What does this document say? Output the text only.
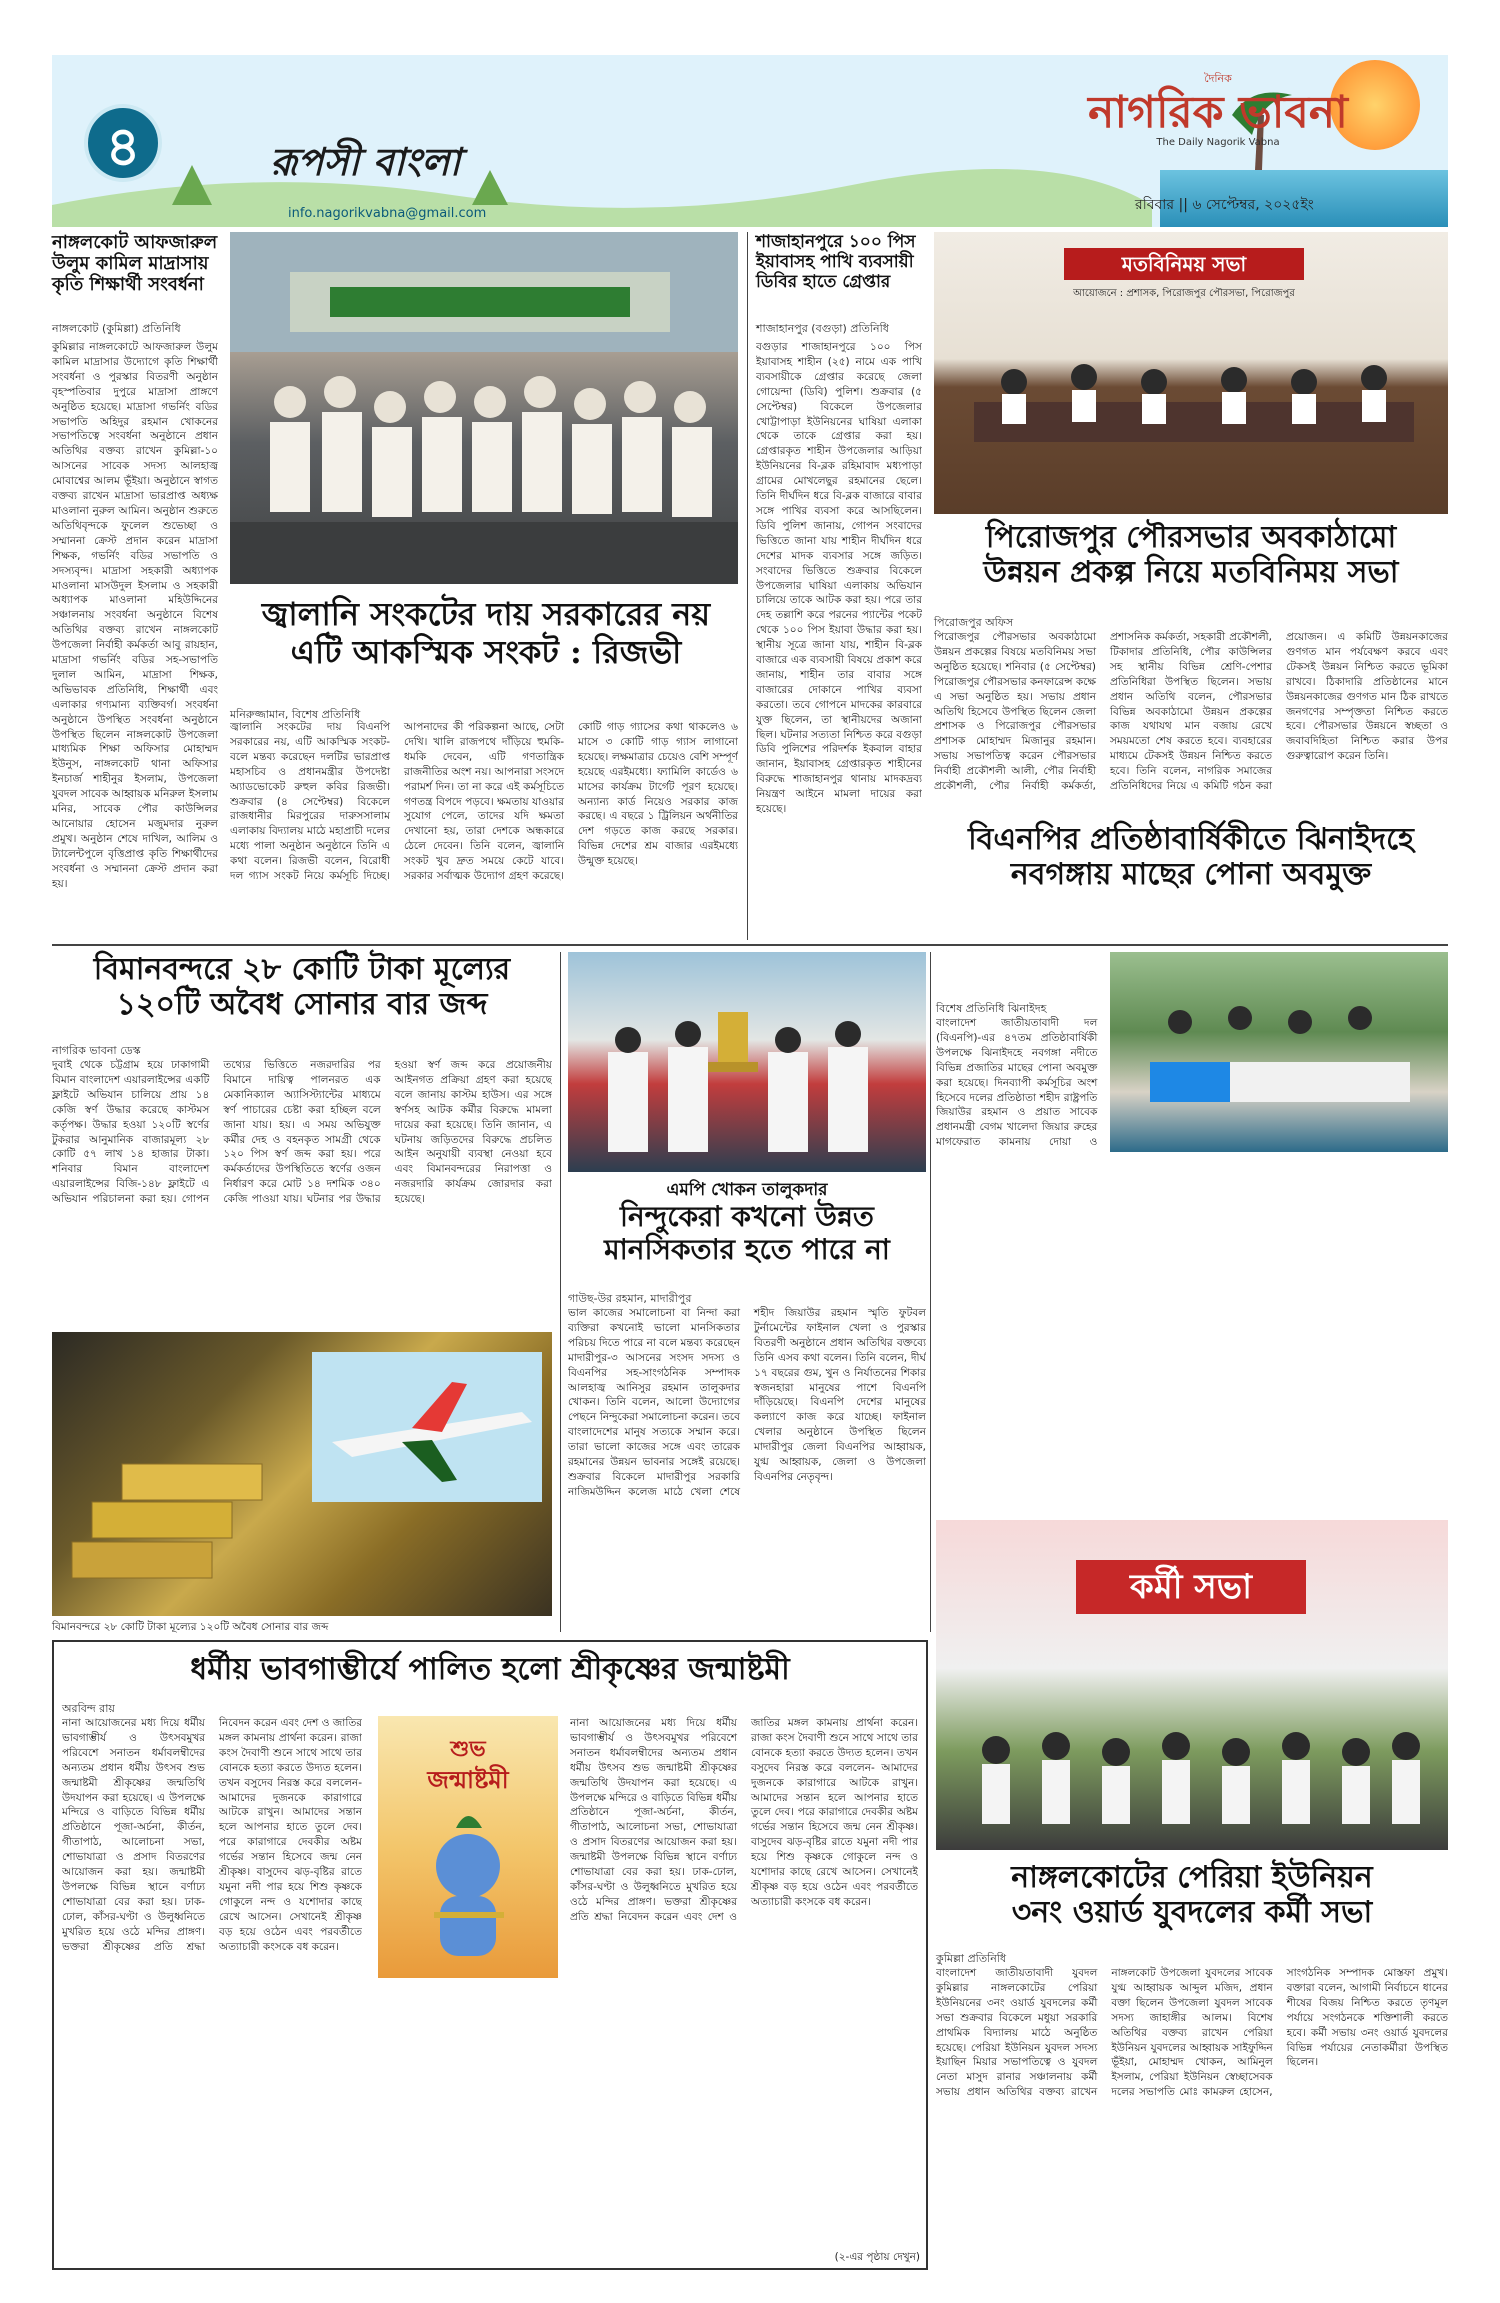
৪	রূপসী বাংলা
info.nagorikvabna@gmail.com
দৈনিক
নাগরিক ভাবনা
The Daily Nagorik Vabna
রবিবার || ৬ সেপ্টেম্বর, ২০২৫ইং
নাঙ্গলকোট আফজারুল উলুম কামিল মাদ্রাসায় কৃতি শিক্ষার্থী সংবর্ধনা
নাঙ্গলকোট (কুমিল্লা) প্রতিনিধি
কুমিল্লার নাঙ্গলকোটে আফজারুল উলুম কামিল মাদ্রাসার উদ্যোগে কৃতি শিক্ষার্থী সংবর্ধনা ও পুরস্কার বিতরণী অনুষ্ঠান বৃহস্পতিবার দুপুরে মাদ্রাসা প্রাঙ্গণে অনুষ্ঠিত হয়েছে। মাদ্রাসা গভর্নিং বডির সভাপতি অহিদুর রহমান খোকনের সভাপতিত্বে সংবর্ধনা অনুষ্ঠানে প্রধান অতিথির বক্তব্য রাখেন কুমিল্লা-১০ আসনের সাবেক সদস্য আলহাজ্ব মোবাশ্বের আলম ভূঁইয়া। অনুষ্ঠানে স্বাগত বক্তব্য রাখেন মাদ্রাসা ভারপ্রাপ্ত অধ্যক্ষ মাওলানা নুরুল আমিন। অনুষ্ঠান শুরুতে অতিথিবৃন্দকে ফুলেল শুভেচ্ছা ও সম্মাননা ক্রেস্ট প্রদান করেন মাদ্রাসা শিক্ষক, গভর্নিং বডির সভাপতি ও সদস্যবৃন্দ। মাদ্রাসা সহকারী অধ্যাপক মাওলানা মাসউদুল ইসলাম ও সহকারী অধ্যাপক মাওলানা মহিউদ্দিনের সঞ্চালনায় সংবর্ধনা অনুষ্ঠানে বিশেষ অতিথির বক্তব্য রাখেন নাঙ্গলকোট উপজেলা নির্বাহী কর্মকর্তা আবু রায়হান, মাদ্রাসা গভর্নিং বডির সহ-সভাপতি দুলাল আমিন, মাদ্রাসা শিক্ষক, অভিভাবক প্রতিনিধি, শিক্ষার্থী এবং এলাকার গণ্যমান্য ব্যক্তিবর্গ। সংবর্ধনা অনুষ্ঠানে উপস্থিত সংবর্ধনা অনুষ্ঠানে উপস্থিত ছিলেন নাঙ্গলকোট উপজেলা মাধ্যমিক শিক্ষা অফিসার মোহাম্মদ ইউনুস, নাঙ্গলকোট থানা অফিসার ইনচার্জ শাহীনুর ইসলাম, উপজেলা যুবদল সাবেক আহ্বায়ক মনিরুল ইসলাম মনির, সাবেক পৌর কাউন্সিলর আনোয়ার হোসেন মজুমদার নুরুল প্রমুখ। অনুষ্ঠান শেষে দাখিল, আলিম ও ট্যালেন্টপুলে বৃত্তিপ্রাপ্ত কৃতি শিক্ষার্থীদের সংবর্ধনা ও সম্মাননা ক্রেস্ট প্রদান করা হয়।
জ্বালানি সংকটের দায় সরকারের নয়
এটি আকস্মিক সংকট : রিজভী
মনিরুজ্জামান, বিশেষ প্রতিনিধি
জ্বালানি সংকটের দায় বিএনপি সরকারের নয়, এটি আকস্মিক সংকট- বলে মন্তব্য করেছেন দলটির ভারপ্রাপ্ত মহাসচিব ও প্রধানমন্ত্রীর উপদেষ্টা অ্যাডভোকেট রুহুল কবির রিজভী। শুক্রবার (৪ সেপ্টেম্বর) বিকেলে রাজধানীর মিরপুরের দারুসসালাম এলাকায় বিদ্যালয় মাঠে মহাপ্রাচী দলের মধ্যে পালা অনুষ্ঠান অনুষ্ঠানে তিনি এ কথা বলেন। রিজভী বলেন, বিরোধী দল গ্যাস সংকট নিয়ে কর্মসূচি দিচ্ছে। আপনাদের কী পরিকল্পনা আছে, সেটা দেখি। খালি রাজপথে দাঁড়িয়ে হুমকি-ধমকি দেবেন, এটি গণতান্ত্রিক রাজনীতির অংশ নয়। আপনারা সংসদে পরামর্শ দিন। তা না করে এই কর্মসূচিতে গণতন্ত্র বিপদে পড়বে। ক্ষমতায় যাওয়ার সুযোগ পেলে, তাদের যদি ক্ষমতা দেখানো হয়, তারা দেশকে অন্ধকারে ঠেলে দেবেন। তিনি বলেন, জ্বালানি সংকট খুব দ্রুত সময়ে কেটে যাবে। সরকার সর্বাত্মক উদ্যোগ গ্রহণ করেছে। কোটি গাড় গ্যাসের কথা থাকলেও ৬ মাসে ৩ কোটি গাড় গ্যাস লাগানো হয়েছে। লক্ষমাত্রার চেয়েও বেশি সম্পূর্ণ হয়েছে এরইমধ্যে। ফ্যামিলি কার্ডেও ৬ মাসের কার্যক্রম টার্গেট পূরণ হয়েছে। অন্যান্য কার্ড নিয়েও সরকার কাজ করছে। এ বছরে ১ ট্রিলিয়ন অর্থনীতির দেশ গড়তে কাজ করছে সরকার। বিভিন্ন দেশের শ্রম বাজার এরইমধ্যে উন্মুক্ত হয়েছে।
শাজাহানপুরে ১০০ পিস ইয়াবাসহ পাখি ব্যবসায়ী ডিবির হাতে গ্রেপ্তার
শাজাহানপুর (বগুড়া) প্রতিনিধি
বগুড়ার শাজাহানপুরে ১০০ পিস ইয়াবাসহ শাহীন (২৫) নামে এক পাখি ব্যবসায়ীকে গ্রেপ্তার করেছে জেলা গোয়েন্দা (ডিবি) পুলিশ। শুক্রবার (৫ সেপ্টেম্বর) বিকেলে উপজেলার খোট্টাপাড়া ইউনিয়নের ঘাষিয়া এলাকা থেকে তাকে গ্রেপ্তার করা হয়। গ্রেপ্তারকৃত শাহীন উপজেলার আড়িয়া ইউনিয়নের বি-ব্লক রহিমাবাদ মধ্যপাড়া গ্রামের মোখলেছুর রহমানের ছেলে। তিনি দীর্ঘদিন ধরে বি-ব্লক বাজারে বাবার সঙ্গে পাখির ব্যবসা করে আসছিলেন। ডিবি পুলিশ জানায়, গোপন সংবাদের ভিত্তিতে জানা যায় শাহীন দীর্ঘদিন ধরে দেশের মাদক ব্যবসার সঙ্গে জড়িত। সংবাদের ভিত্তিতে শুক্রবার বিকেলে উপজেলার ঘাষিয়া এলাকায় অভিযান চালিয়ে তাকে আটক করা হয়। পরে তার দেহ তল্লাশি করে পরনের প্যান্টের পকেট থেকে ১০০ পিস ইয়াবা উদ্ধার করা হয়। স্থানীয় সূত্রে জানা যায়, শাহীন বি-ব্লক বাজারে এক ব্যবসায়ী বিষয়ে প্রকাশ করে জানায়, শাহীন তার বাবার সঙ্গে বাজারের দোকানে পাখির ব্যবসা করতো। তবে গোপনে মাদকের কারবারে যুক্ত ছিলেন, তা স্থানীয়দের অজানা ছিল। ঘটনার সত্যতা নিশ্চিত করে বগুড়া ডিবি পুলিশের পরিদর্শক ইকবাল বাহার জানান, ইয়াবাসহ গ্রেপ্তারকৃত শাহীনের বিরুদ্ধে শাজাহানপুর থানায় মাদকদ্রব্য নিয়ন্ত্রণ আইনে মামলা দায়ের করা হয়েছে।
মতবিনিময় সভা
আয়োজনে : প্রশাসক, পিরোজপুর পৌরসভা, পিরোজপুর
পিরোজপুর পৌরসভার অবকাঠামো
উন্নয়ন প্রকল্প নিয়ে মতবিনিময় সভা
পিরোজপুর অফিস
পিরোজপুর পৌরসভার অবকাঠামো উন্নয়ন প্রকল্পের বিষয়ে মতবিনিময় সভা অনুষ্ঠিত হয়েছে। শনিবার (৫ সেপ্টেম্বর) পিরোজপুর পৌরসভার কনফারেন্স কক্ষে এ সভা অনুষ্ঠিত হয়। সভায় প্রধান অতিথি হিসেবে উপস্থিত ছিলেন জেলা প্রশাসক ও পিরোজপুর পৌরসভার প্রশাসক মোহাম্মদ মিজানুর রহমান। সভায় সভাপতিত্ব করেন পৌরসভার নির্বাহী প্রকৌশলী আলী, পৌর নির্বাহী প্রকৌশলী, পৌর নির্বাহী কর্মকর্তা, প্রশাসনিক কর্মকর্তা, সহকারী প্রকৌশলী, টিকাদার প্রতিনিধি, পৌর কাউন্সিলর সহ স্থানীয় বিভিন্ন শ্রেণি-পেশার প্রতিনিধিরা উপস্থিত ছিলেন। সভায় প্রধান অতিথি বলেন, পৌরসভার বিভিন্ন অবকাঠামো উন্নয়ন প্রকল্পের কাজ যথাযথ মান বজায় রেখে সময়মতো শেষ করতে হবে। ব্যবহারের মাধ্যমে টেকসই উন্নয়ন নিশ্চিত করতে হবে। তিনি বলেন, নাগরিক সমাজের প্রতিনিধিদের নিয়ে এ কমিটি গঠন করা প্রয়োজন। এ কমিটি উন্নয়নকাজের গুণগত মান পর্যবেক্ষণ করবে এবং টেকসই উন্নয়ন নিশ্চিত করতে ভূমিকা রাখবে। ঠিকাদারি প্রতিষ্ঠানের মানে উন্নয়নকাজের গুণগত মান ঠিক রাখতে জনগণের সম্পৃক্ততা নিশ্চিত করতে হবে। পৌরসভার উন্নয়নে স্বচ্ছতা ও জবাবদিহিতা নিশ্চিত করার উপর গুরুত্বারোপ করেন তিনি।
বিএনপির প্রতিষ্ঠাবার্ষিকীতে ঝিনাইদহে
নবগঙ্গায় মাছের পোনা অবমুক্ত
বিমানবন্দরে ২৮ কোটি টাকা মূল্যের
১২০টি অবৈধ সোনার বার জব্দ
নাগরিক ভাবনা ডেস্ক
দুবাই থেকে চট্টগ্রাম হয়ে ঢাকাগামী বিমান বাংলাদেশ এয়ারলাইন্সের একটি ফ্লাইটে অভিযান চালিয়ে প্রায় ১৪ কেজি স্বর্ণ উদ্ধার করেছে কাস্টমস কর্তৃপক্ষ। উদ্ধার হওয়া ১২০টি স্বর্ণের টুকরার আনুমানিক বাজারমূল্য ২৮ কোটি ৫৭ লাখ ১৪ হাজার টাকা। শনিবার বিমান বাংলাদেশ এয়ারলাইন্সের বিজি-১৪৮ ফ্লাইটে এ অভিযান পরিচালনা করা হয়। গোপন তথ্যের ভিত্তিতে নজরদারির পর বিমানে দায়িত্ব পালনরত এক মেকানিক্যাল অ্যাসিস্ট্যান্টের মাধ্যমে স্বর্ণ পাচারের চেষ্টা করা হচ্ছিল বলে জানা যায়। হয়। এ সময় অভিযুক্ত কর্মীর দেহ ও বহনকৃত সামগ্রী থেকে ১২০ পিস স্বর্ণ জব্দ করা হয়। পরে কর্মকর্তাদের উপস্থিতিতে স্বর্ণের ওজন নির্ধারণ করে মোট ১৪ দশমিক ৩৪০ কেজি পাওয়া যায়। ঘটনার পর উদ্ধার হওয়া স্বর্ণ জব্দ করে প্রয়োজনীয় আইনগত প্রক্রিয়া গ্রহণ করা হয়েছে বলে জানায় কাস্টম হাউস। এর সঙ্গে স্বর্ণসহ আটক কর্মীর বিরুদ্ধে মামলা দায়ের করা হয়েছে। তিনি জানান, এ ঘটনায় জড়িতদের বিরুদ্ধে প্রচলিত আইন অনুযায়ী ব্যবস্থা নেওয়া হবে এবং বিমানবন্দরের নিরাপত্তা ও নজরদারি কার্যক্রম জোরদার করা হয়েছে।
বিমানবন্দরে ২৮ কোটি টাকা মূল্যের ১২০টি অবৈধ সোনার বার জব্দ
এমপি খোকন তালুকদার
নিন্দুকেরা কখনো উন্নত
মানসিকতার হতে পারে না
গাউছ-উর রহমান, মাদারীপুর
ভাল কাজের সমালোচনা বা নিন্দা করা ব্যক্তিরা কখনোই ভালো মানসিকতার পরিচয় দিতে পারে না বলে মন্তব্য করেছেন মাদারীপুর-৩ আসনের সংসদ সদস্য ও বিএনপির সহ-সাংগঠনিক সম্পাদক আলহাজ্ব আনিসুর রহমান তালুকদার খোকন। তিনি বলেন, আলো উদ্যোগের পেছনে নিন্দুকেরা সমালোচনা করেন। তবে বাংলাদেশের মানুষ সত্যকে সম্মান করে। তারা ভালো কাজের সঙ্গে এবং তারেক রহমানের উন্নয়ন ভাবনার সঙ্গেই রয়েছে। শুক্রবার বিকেলে মাদারীপুর সরকারি নাজিমউদ্দিন কলেজ মাঠে খেলা শেষে শহীদ জিয়াউর রহমান স্মৃতি ফুটবল টুর্নামেন্টের ফাইনাল খেলা ও পুরস্কার বিতরণী অনুষ্ঠানে প্রধান অতিথির বক্তব্যে তিনি এসব কথা বলেন। তিনি বলেন, দীর্ঘ ১৭ বছরের গুম, খুন ও নির্যাতনের শিকার স্বজনহারা মানুষের পাশে বিএনপি দাঁড়িয়েছে। বিএনপি দেশের মানুষের কল্যাণে কাজ করে যাচ্ছে। ফাইনাল খেলার অনুষ্ঠানে উপস্থিত ছিলেন মাদারীপুর জেলা বিএনপির আহ্বায়ক, যুগ্ম আহ্বায়ক, জেলা ও উপজেলা বিএনপির নেতৃবৃন্দ।
বিশেষ প্রতিনিধি ঝিনাইদহ
বাংলাদেশ জাতীয়তাবাদী দল (বিএনপি)-এর ৪৭তম প্রতিষ্ঠাবার্ষিকী উপলক্ষে ঝিনাইদহে নবগঙ্গা নদীতে বিভিন্ন প্রজাতির মাছের পোনা অবমুক্ত করা হয়েছে। দিনব্যাপী কর্মসূচির অংশ হিসেবে দলের প্রতিষ্ঠাতা শহীদ রাষ্ট্রপতি জিয়াউর রহমান ও প্রয়াত সাবেক প্রধানমন্ত্রী বেগম খালেদা জিয়ার রুহের মাগফেরাত কামনায় দোয়া ও
কর্মী সভা
ধর্মীয় ভাবগাম্ভীর্যে পালিত হলো শ্রীকৃষ্ণের জন্মাষ্টমী
অরবিন্দ রায়
নানা আয়োজনের মধ্য দিয়ে ধর্মীয় ভাবগাম্ভীর্য ও উৎসবমুখর পরিবেশে সনাতন ধর্মাবলম্বীদের অন্যতম প্রধান ধর্মীয় উৎসব শুভ জন্মাষ্টমী শ্রীকৃষ্ণের জন্মতিথি উদযাপন করা হয়েছে। এ উপলক্ষে মন্দিরে ও বাড়িতে বিভিন্ন ধর্মীয় প্রতিষ্ঠানে পূজা-অর্চনা, কীর্তন, গীতাপাঠ, আলোচনা সভা, শোভাযাত্রা ও প্রসাদ বিতরণের আয়োজন করা হয়। জন্মাষ্টমী উপলক্ষে বিভিন্ন স্থানে বর্ণাঢ্য শোভাযাত্রা বের করা হয়। ঢাক-ঢোল, কাঁসর-ঘণ্টা ও উলুধ্বনিতে মুখরিত হয়ে ওঠে মন্দির প্রাঙ্গণ। ভক্তরা শ্রীকৃষ্ণের প্রতি শ্রদ্ধা নিবেদন করেন এবং দেশ ও জাতির মঙ্গল কামনায় প্রার্থনা করেন। রাজা কংস দৈবাণী শুনে সাথে সাথে তার বোনকে হত্যা করতে উদ্যত হলেন। তখন বসুদেব নিরস্ত করে বললেন- আমাদের দুজনকে কারাগারে আটকে রাখুন। আমাদের সন্তান হলে আপনার হাতে তুলে দেব। পরে কারাগারে দেবকীর অষ্টম গর্ভের সন্তান হিসেবে জন্ম নেন শ্রীকৃষ্ণ। বাসুদেব ঝড়-বৃষ্টির রাতে যমুনা নদী পার হয়ে শিশু কৃষ্ণকে গোকুলে নন্দ ও যশোদার কাছে রেখে আসেন। সেখানেই শ্রীকৃষ্ণ বড় হয়ে ওঠেন এবং পরবর্তীতে অত্যাচারী কংসকে বধ করেন।
শুভ
জন্মাষ্টমী
নানা আয়োজনের মধ্য দিয়ে ধর্মীয় ভাবগাম্ভীর্য ও উৎসবমুখর পরিবেশে সনাতন ধর্মাবলম্বীদের অন্যতম প্রধান ধর্মীয় উৎসব শুভ জন্মাষ্টমী শ্রীকৃষ্ণের জন্মতিথি উদযাপন করা হয়েছে। এ উপলক্ষে মন্দিরে ও বাড়িতে বিভিন্ন ধর্মীয় প্রতিষ্ঠানে পূজা-অর্চনা, কীর্তন, গীতাপাঠ, আলোচনা সভা, শোভাযাত্রা ও প্রসাদ বিতরণের আয়োজন করা হয়। জন্মাষ্টমী উপলক্ষে বিভিন্ন স্থানে বর্ণাঢ্য শোভাযাত্রা বের করা হয়। ঢাক-ঢোল, কাঁসর-ঘণ্টা ও উলুধ্বনিতে মুখরিত হয়ে ওঠে মন্দির প্রাঙ্গণ। ভক্তরা শ্রীকৃষ্ণের প্রতি শ্রদ্ধা নিবেদন করেন এবং দেশ ও জাতির মঙ্গল কামনায় প্রার্থনা করেন। রাজা কংস দৈবাণী শুনে সাথে সাথে তার বোনকে হত্যা করতে উদ্যত হলেন। তখন বসুদেব নিরস্ত করে বললেন- আমাদের দুজনকে কারাগারে আটকে রাখুন। আমাদের সন্তান হলে আপনার হাতে তুলে দেব। পরে কারাগারে দেবকীর অষ্টম গর্ভের সন্তান হিসেবে জন্ম নেন শ্রীকৃষ্ণ। বাসুদেব ঝড়-বৃষ্টির রাতে যমুনা নদী পার হয়ে শিশু কৃষ্ণকে গোকুলে নন্দ ও যশোদার কাছে রেখে আসেন। সেখানেই শ্রীকৃষ্ণ বড় হয়ে ওঠেন এবং পরবর্তীতে অত্যাচারী কংসকে বধ করেন।
(২-এর পৃষ্ঠায় দেখুন)
নাঙ্গলকোটের পেরিয়া ইউনিয়ন
৩নং ওয়ার্ড যুবদলের কর্মী সভা
কুমিল্লা প্রতিনিধি
বাংলাদেশ জাতীয়তাবাদী যুবদল কুমিল্লার নাঙ্গলকোটের পেরিয়া ইউনিয়নের ৩নং ওয়ার্ড যুবদলের কর্মী সভা শুক্রবার বিকেলে মধুয়া সরকারি প্রাথমিক বিদ্যালয় মাঠে অনুষ্ঠিত হয়েছে। পেরিয়া ইউনিয়ন যুবদল সদস্য ইয়াছিন মিয়ার সভাপতিত্বে ও যুবদল নেতা মাসুদ রানার সঞ্চালনায় কর্মী সভায় প্রধান অতিথির বক্তব্য রাখেন নাঙ্গলকোট উপজেলা যুবদলের সাবেক যুগ্ম আহ্বায়ক আব্দুল মজিদ, প্রধান বক্তা ছিলেন উপজেলা যুবদল সাবেক সদস্য জাহাঙ্গীর আলম। বিশেষ অতিথির বক্তব্য রাখেন পেরিয়া ইউনিয়ন যুবদলের আহ্বায়ক সাইফুদ্দিন ভূঁইয়া, মোহাম্মদ খোকন, আমিনুল ইসলাম, পেরিয়া ইউনিয়ন স্বেচ্ছাসেবক দলের সভাপতি মোঃ কামরুল হোসেন, সাংগঠনিক সম্পাদক মোস্তফা প্রমুখ। বক্তারা বলেন, আগামী নির্বাচনে ধানের শীষের বিজয় নিশ্চিত করতে তৃণমূল পর্যায়ে সংগঠনকে শক্তিশালী করতে হবে। কর্মী সভায় ৩নং ওয়ার্ড যুবদলের বিভিন্ন পর্যায়ের নেতাকর্মীরা উপস্থিত ছিলেন।
